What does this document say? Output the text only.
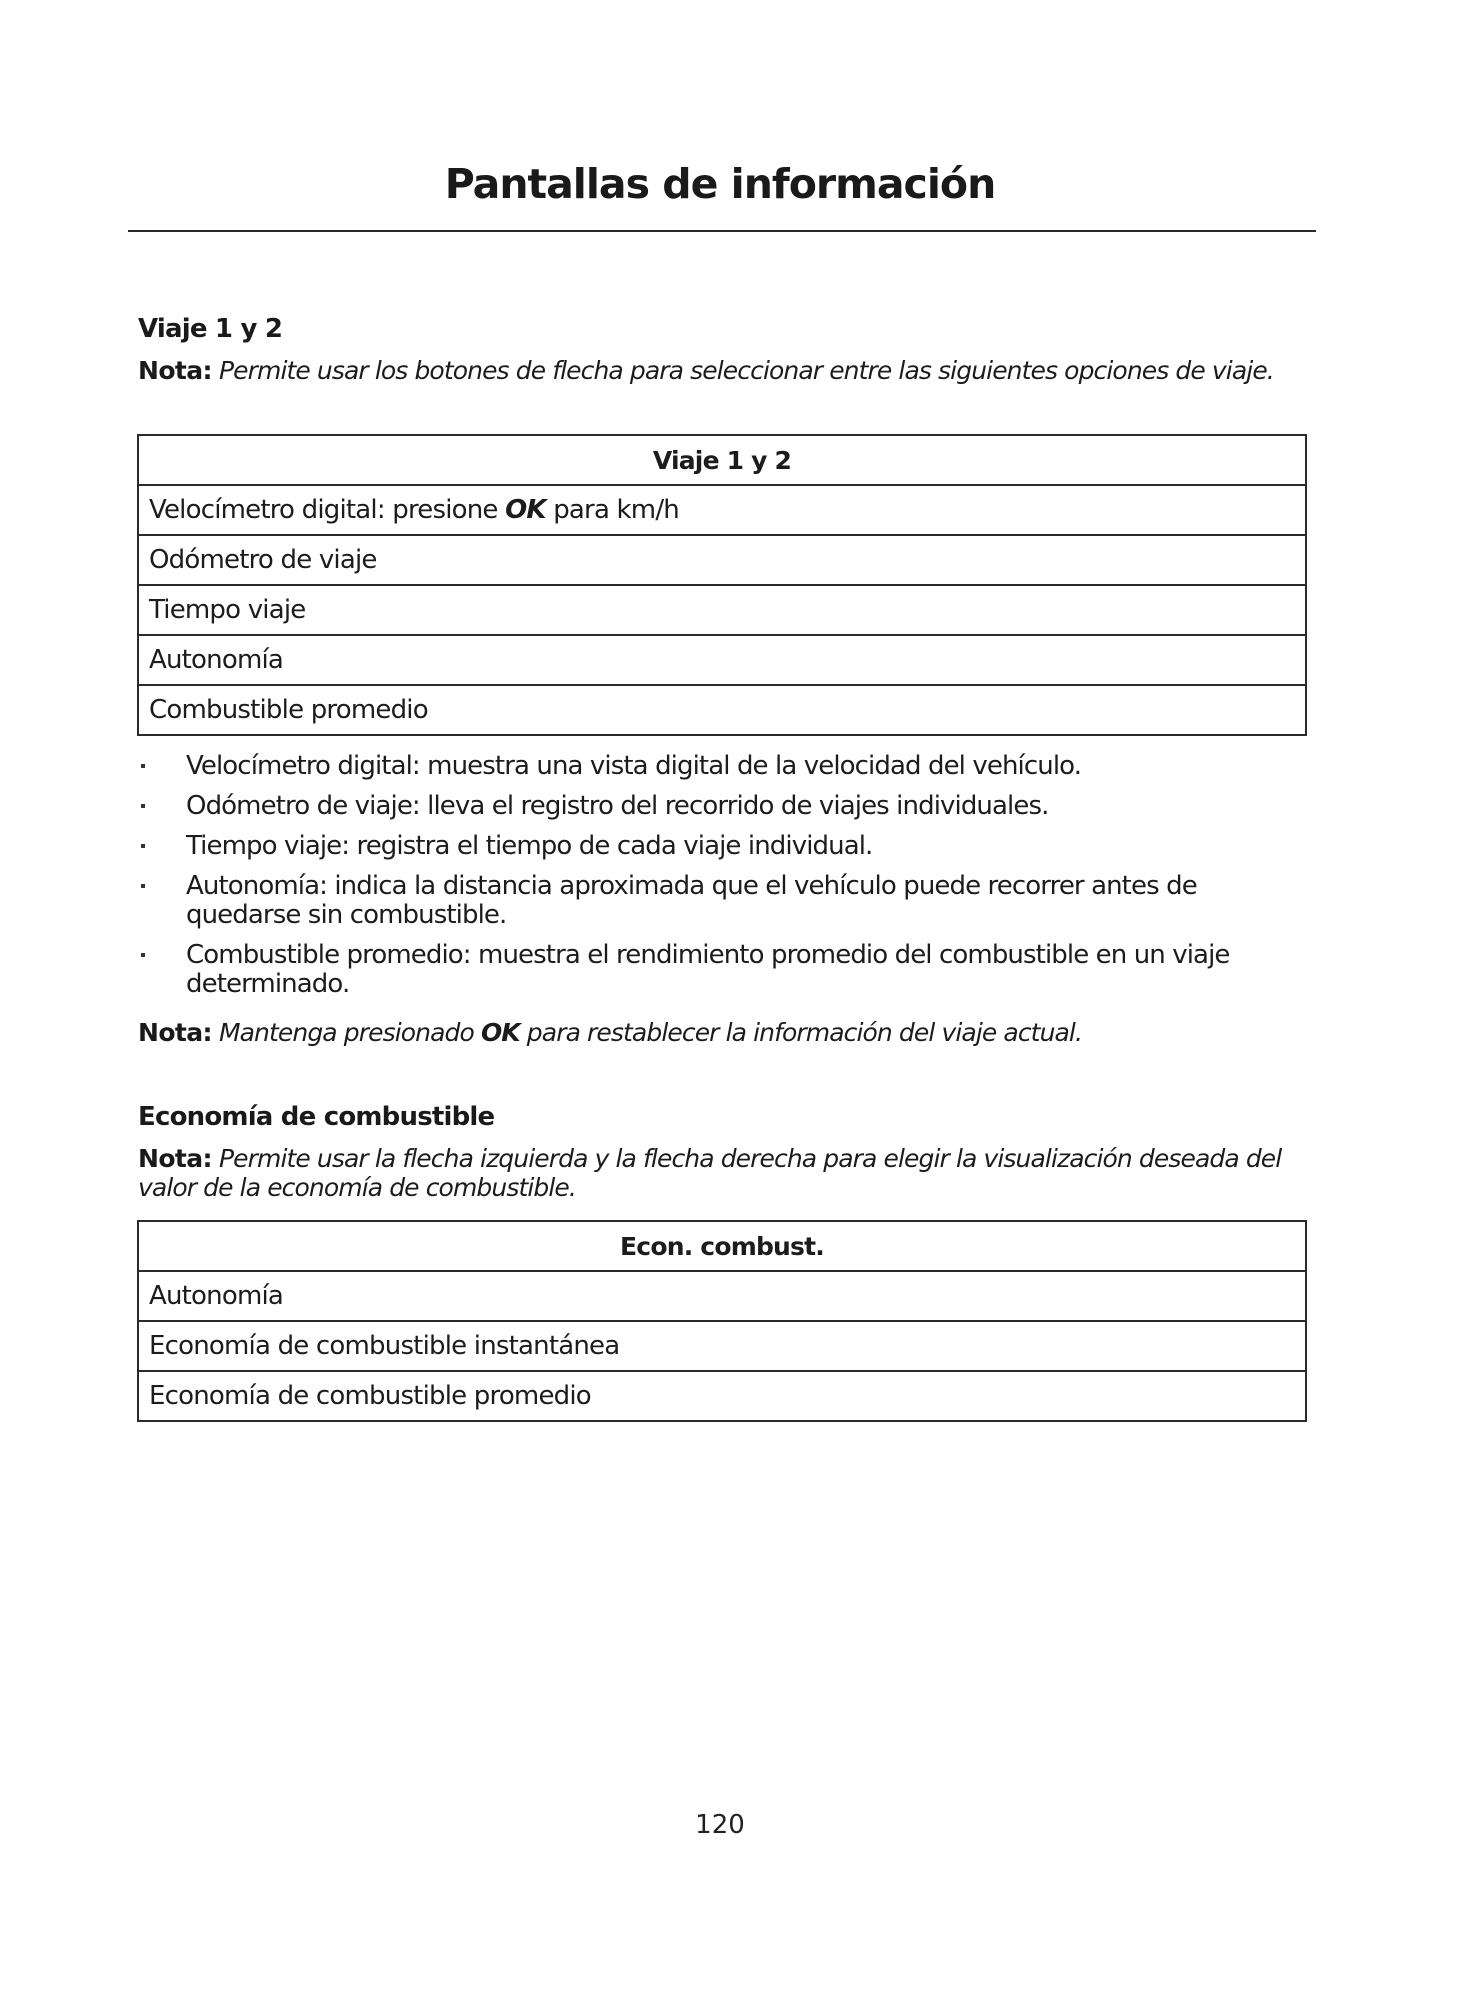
Pantallas de información
Viaje 1 y 2
Nota: Permite usar los botones de flecha para seleccionar entre las siguientes opciones de viaje.
Viaje 1 y 2
Velocímetro digital: presione OK para km/h
Odómetro de viaje
Tiempo viaje
Autonomía
Combustible promedio
Velocímetro digital: muestra una vista digital de la velocidad del vehículo.
Odómetro de viaje: lleva el registro del recorrido de viajes individuales.
Tiempo viaje: registra el tiempo de cada viaje individual.
Autonomía: indica la distancia aproximada que el vehículo puede recorrer antes de quedarse sin combustible.
Combustible promedio: muestra el rendimiento promedio del combustible en un viaje determinado.
Nota: Mantenga presionado OK para restablecer la información del viaje actual.
Economía de combustible
Nota: Permite usar la flecha izquierda y la flecha derecha para elegir la visualización deseada del valor de la economía de combustible.
Econ. combust.
Autonomía
Economía de combustible instantánea
Economía de combustible promedio
120
